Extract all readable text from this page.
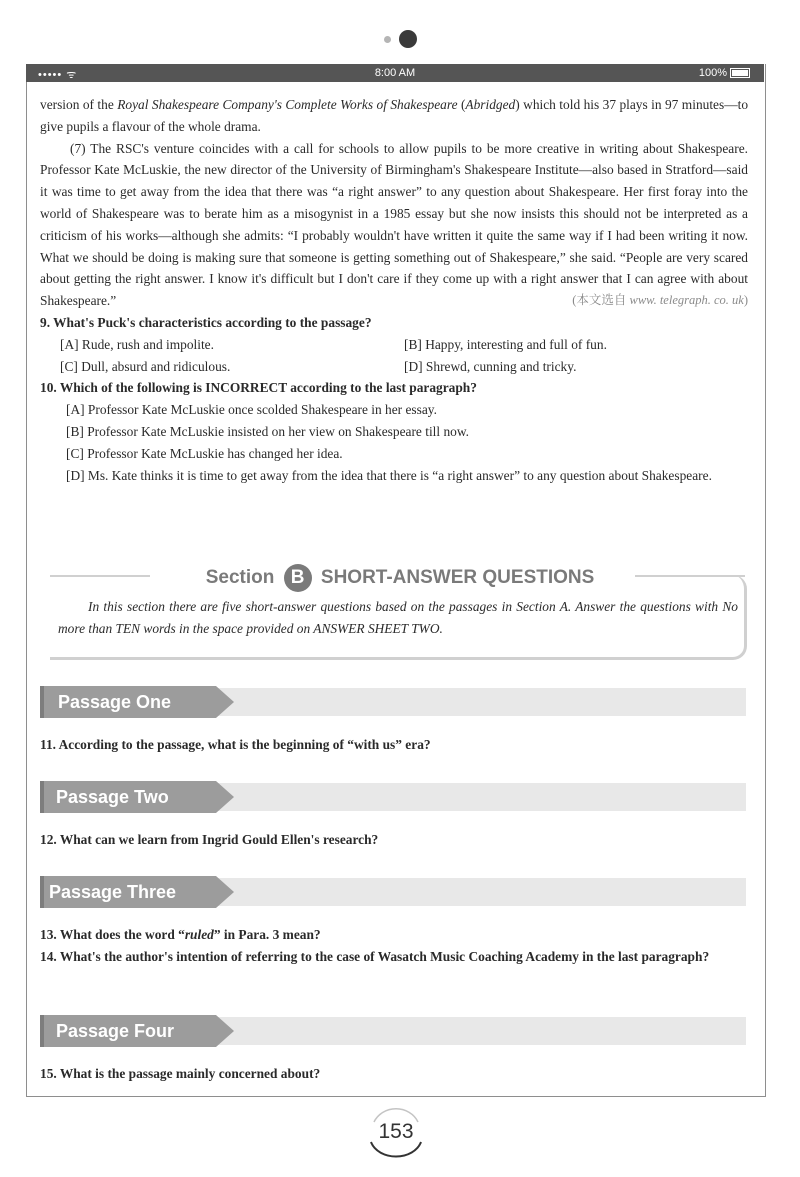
••••• ᯤ	8:00 AM	100%

version of the Royal Shakespeare Company's Complete Works of Shakespeare (Abridged) which told his 37 plays in 97 minutes—to give pupils a flavour of the whole drama.

(7) The RSC's venture coincides with a call for schools to allow pupils to be more creative in writing about Shakespeare. Professor Kate McLuskie, the new director of the University of Birmingham's Shakespeare Institute—also based in Stratford—said it was time to get away from the idea that there was “a right answer” to any question about Shakespeare. Her first foray into the world of Shakespeare was to berate him as a misogynist in a 1985 essay but she now insists this should not be interpreted as a criticism of his works—although she admits: “I probably wouldn't have written it quite the same way if I had been writing it now. What we should be doing is making sure that someone is getting something out of Shakespeare,” she said. “People are very scared about getting the right answer. I know it's difficult but I don't care if they come up with a right answer that I can agree with about Shakespeare.”	(本文选自 www. telegraph. co. uk)

9. What's Puck's characteristics according to the passage?

[A] Rude, rush and impolite.	[B] Happy, interesting and full of fun.
[C] Dull, absurd and ridiculous.	[D] Shrewd, cunning and tricky.

10. Which of the following is INCORRECT according to the last paragraph?

[A] Professor Kate McLuskie once scolded Shakespeare in her essay.
[B] Professor Kate McLuskie insisted on her view on Shakespeare till now.
[C] Professor Kate McLuskie has changed her idea.
[D] Ms. Kate thinks it is time to get away from the idea that there is “a right answer” to any question about Shakespeare.
Section B SHORT-ANSWER QUESTIONS
In this section there are five short-answer questions based on the passages in Section A. Answer the questions with No more than TEN words in the space provided on ANSWER SHEET TWO.
Passage One
11. According to the passage, what is the beginning of “with us” era?
Passage Two
12. What can we learn from Ingrid Gould Ellen's research?
Passage Three
13. What does the word “ruled” in Para. 3 mean?
14. What's the author's intention of referring to the case of Wasatch Music Coaching Academy in the last paragraph?
Passage Four
15. What is the passage mainly concerned about?
153
